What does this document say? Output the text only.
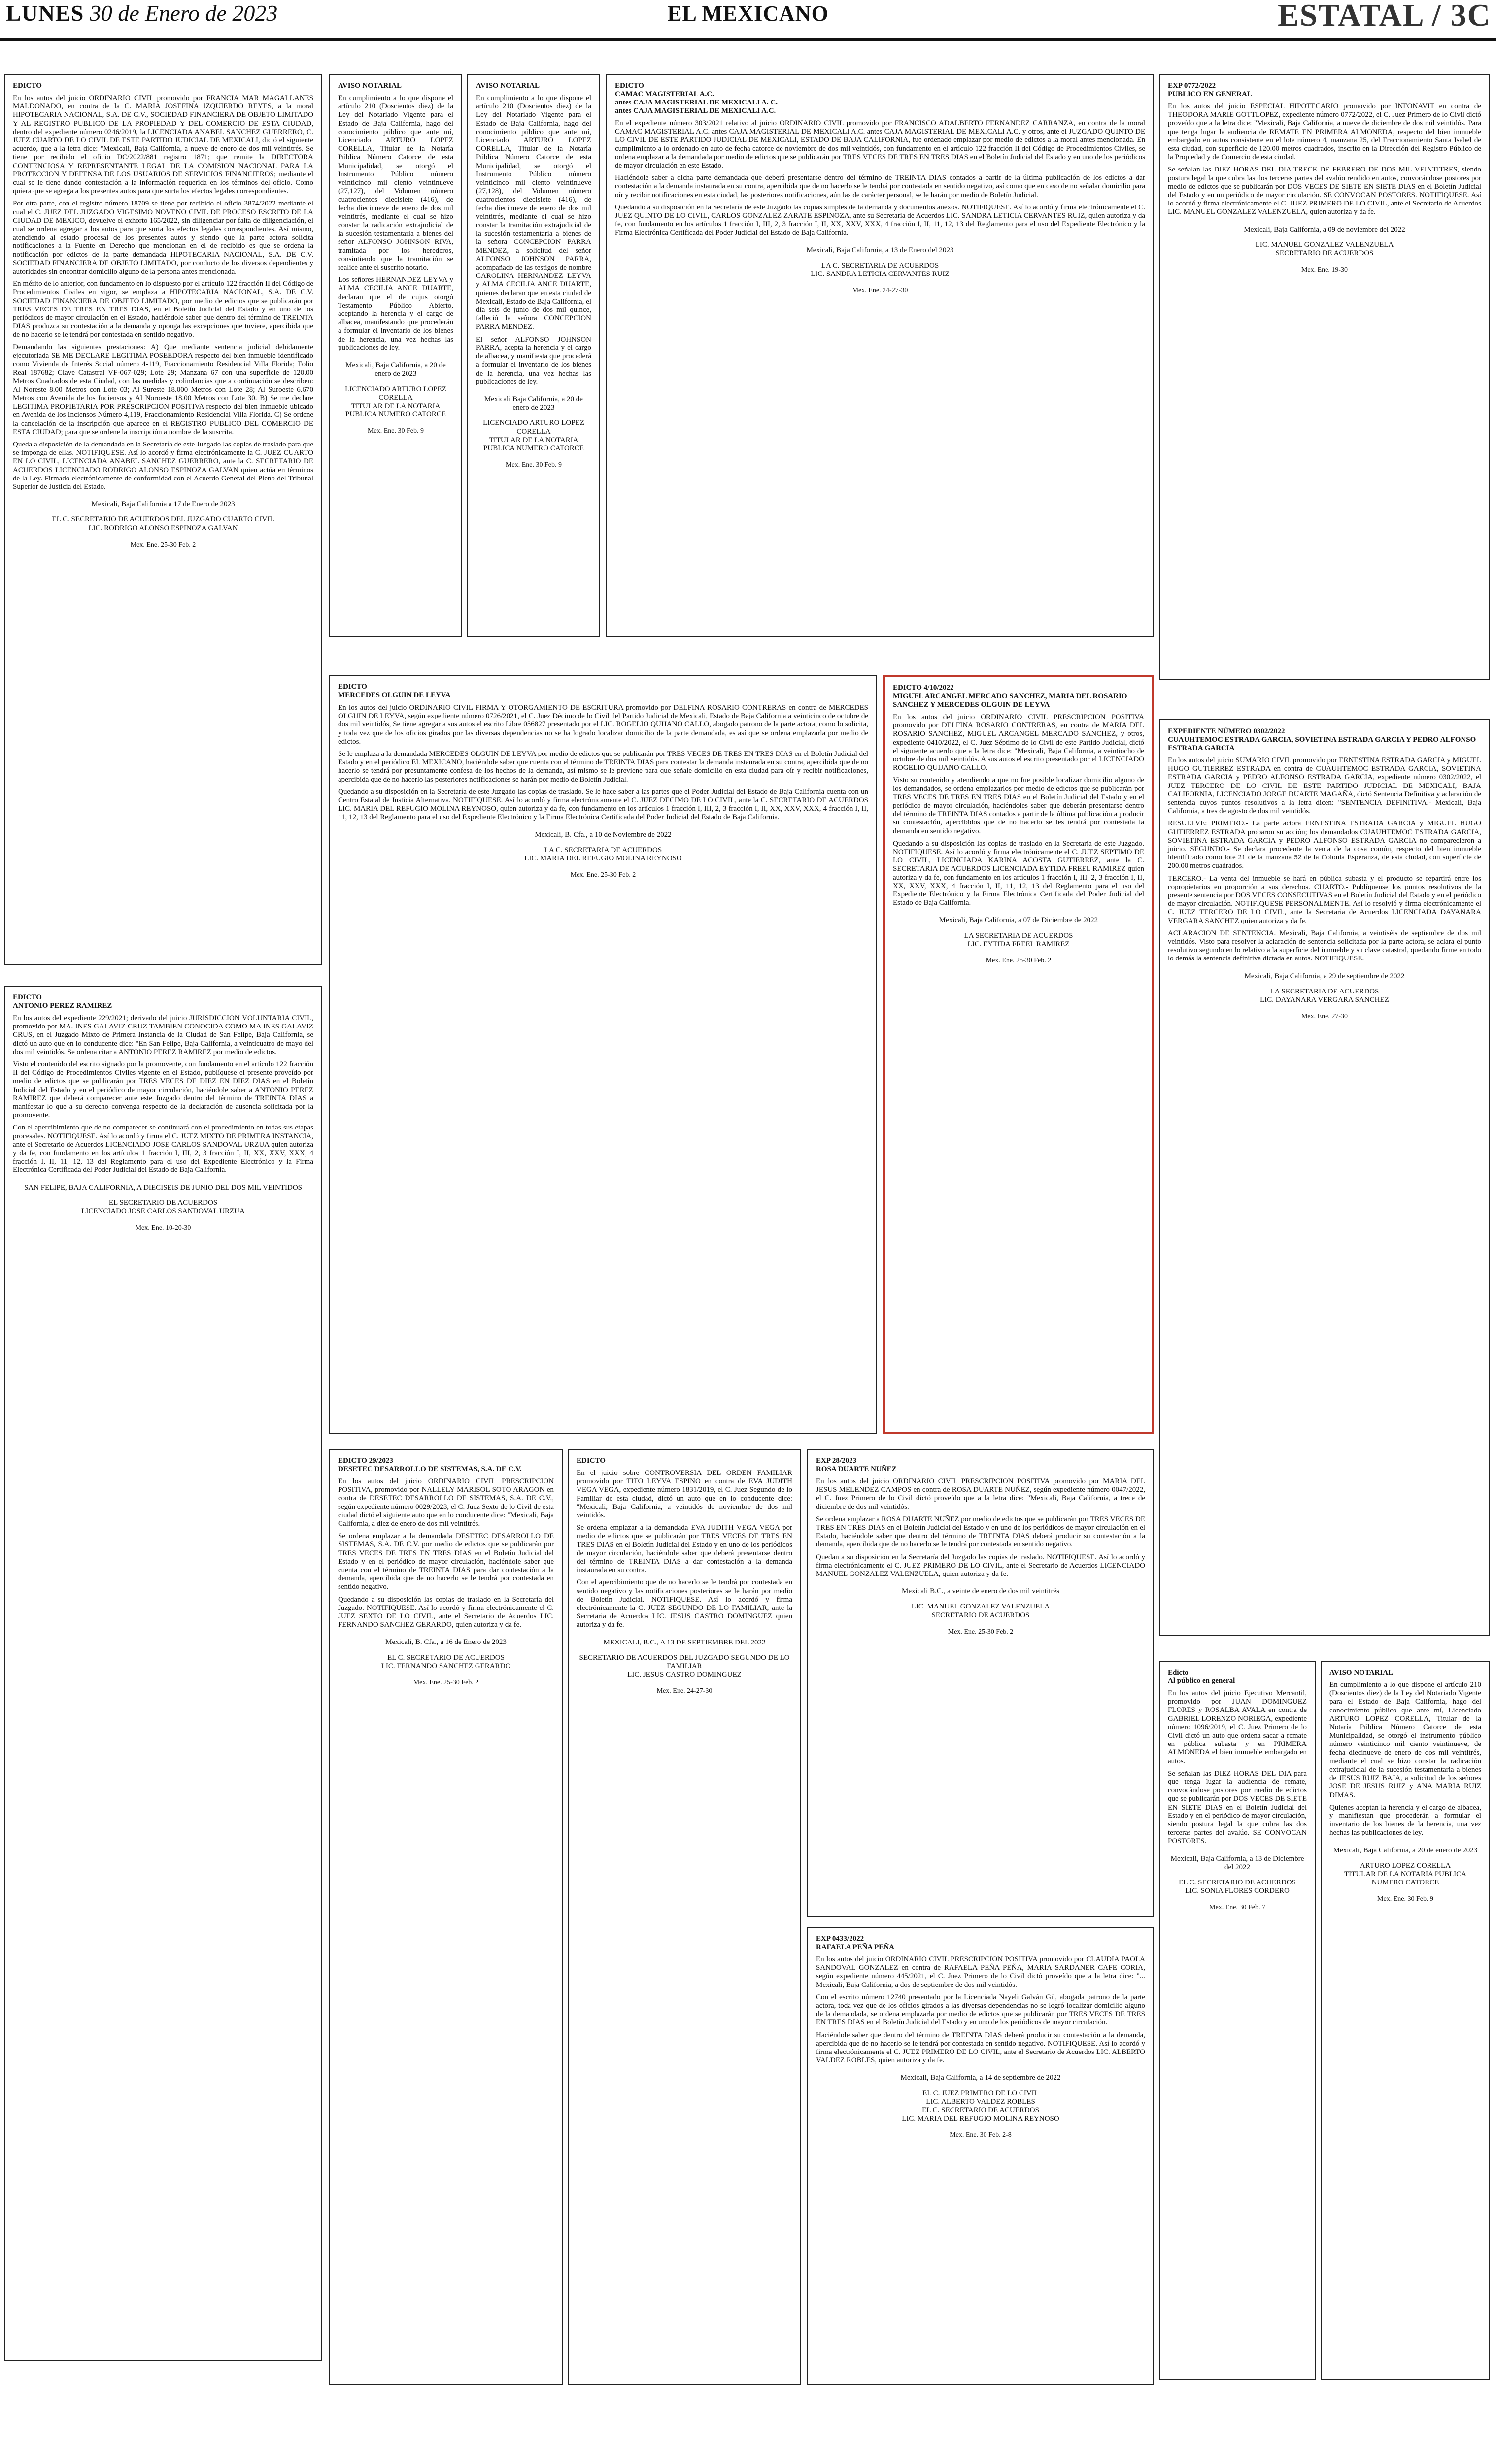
LUNES 30 de Enero de 2023	EL MEXICANO	ESTATAL / 3C
EDICTO

En los autos del juicio ORDINARIO CIVIL promovido por FRANCIA MAR MAGALLANES MALDONADO, en contra de la C. MARIA JOSEFINA IZQUIERDO REYES, a la moral HIPOTECARIA NACIONAL, S.A. DE C.V., SOCIEDAD FINANCIERA DE OBJETO LIMITADO Y AL REGISTRO PUBLICO DE LA PROPIEDAD Y DEL COMERCIO DE ESTA CIUDAD, dentro del expediente número 0246/2019, la LICENCIADA ANABEL SANCHEZ GUERRERO, C. JUEZ CUARTO DE LO CIVIL DE ESTE PARTIDO JUDICIAL DE MEXICALI, dictó el siguiente acuerdo, que a la letra dice: "Mexicali, Baja California, a nueve de enero de dos mil veintitrés. Se tiene por recibido el oficio DC/2022/881 registro 1871; que remite la DIRECTORA CONTENCIOSA Y REPRESENTANTE LEGAL DE LA COMISION NACIONAL PARA LA PROTECCION Y DEFENSA DE LOS USUARIOS DE SERVICIOS FINANCIEROS; mediante el cual se le tiene dando contestación a la información requerida en los términos del oficio. Como quiera que se agrega a los presentes autos para que surta los efectos legales correspondientes.

Por otra parte, con el registro número 18709 se tiene por recibido el oficio 3874/2022 mediante el cual el C. JUEZ DEL JUZGADO VIGESIMO NOVENO CIVIL DE PROCESO ESCRITO DE LA CIUDAD DE MEXICO, devuelve el exhorto 165/2022, sin diligenciar por falta de diligenciación, el cual se ordena agregar a los autos para que surta los efectos legales correspondientes. Así mismo, atendiendo al estado procesal de los presentes autos y siendo que la parte actora solicita notificaciones a la Fuente en Derecho que mencionan en el de recibido es que se ordena la notificación por edictos de la parte demandada HIPOTECARIA NACIONAL, S.A. DE C.V. SOCIEDAD FINANCIERA DE OBJETO LIMITADO, por conducto de los diversos dependientes y autoridades sin encontrar domicilio alguno de la persona antes mencionada.

En mérito de lo anterior, con fundamento en lo dispuesto por el artículo 122 fracción II del Código de Procedimientos Civiles en vigor, se emplaza a HIPOTECARIA NACIONAL, S.A. DE C.V. SOCIEDAD FINANCIERA DE OBJETO LIMITADO, por medio de edictos que se publicarán por TRES VECES DE TRES EN TRES DIAS, en el Boletín Judicial del Estado y en uno de los periódicos de mayor circulación en el Estado, haciéndole saber que dentro del término de TREINTA DIAS produzca su contestación a la demanda y oponga las excepciones que tuviere, apercibida que de no hacerlo se le tendrá por contestada en sentido negativo.

Demandando las siguientes prestaciones: A) Que mediante sentencia judicial debidamente ejecutoriada SE ME DECLARE LEGITIMA POSEEDORA respecto del bien inmueble identificado como Vivienda de Interés Social número 4-119, Fraccionamiento Residencial Villa Florida; Folio Real 187682; Clave Catastral VF-067-029; Lote 29; Manzana 67 con una superficie de 120.00 Metros Cuadrados de esta Ciudad, con las medidas y colindancias que a continuación se describen: Al Noreste 8.00 Metros con Lote 03; Al Sureste 18.000 Metros con Lote 28; Al Suroeste 6.670 Metros con Avenida de los Inciensos y Al Noroeste 18.00 Metros con Lote 30. B) Se me declare LEGITIMA PROPIETARIA POR PRESCRIPCION POSITIVA respecto del bien inmueble ubicado en Avenida de los Inciensos Número 4,119, Fraccionamiento Residencial Villa Florida. C) Se ordene la cancelación de la inscripción que aparece en el REGISTRO PUBLICO DEL COMERCIO DE ESTA CIUDAD; para que se ordene la inscripción a nombre de la suscrita.

Queda a disposición de la demandada en la Secretaría de este Juzgado las copias de traslado para que se imponga de ellas. NOTIFIQUESE. Así lo acordó y firma electrónicamente la C. JUEZ CUARTO EN LO CIVIL, LICENCIADA ANABEL SANCHEZ GUERRERO, ante la C. SECRETARIO DE ACUERDOS LICENCIADO RODRIGO ALONSO ESPINOZA GALVAN quien actúa en términos de la Ley. Firmado electrónicamente de conformidad con el Acuerdo General del Pleno del Tribunal Superior de Justicia del Estado.

Mexicali, Baja California a 17 de Enero de 2023
EL C. SECRETARIO DE ACUERDOS DEL JUZGADO CUARTO CIVIL
LIC. RODRIGO ALONSO ESPINOZA GALVAN
Mex. Ene. 25-30 Feb. 2
AVISO NOTARIAL

En cumplimiento a lo que dispone el artículo 210 (Doscientos diez) de la Ley del Notariado Vigente para el Estado de Baja California, hago del conocimiento público que ante mí, Licenciado ARTURO LOPEZ CORELLA, Titular de la Notaría Pública Número Catorce de esta Municipalidad, se otorgó el Instrumento Público número veinticinco mil ciento veintinueve (27,127), del Volumen número cuatrocientos diecisiete (416), de fecha diecinueve de enero de dos mil veintitrés, mediante el cual se hizo constar la radicación extrajudicial de la sucesión testamentaria a bienes del señor ALFONSO JOHNSON RIVA, tramitada por los herederos, consintiendo que la tramitación se realice ante el suscrito notario.

Los señores HERNANDEZ LEYVA y ALMA CECILIA ANCE DUARTE, declaran que el de cujus otorgó Testamento Público Abierto, aceptando la herencia y el cargo de albacea, manifestando que procederán a formular el inventario de los bienes de la herencia, una vez hechas las publicaciones de ley.

Mexicali, Baja California, a 20 de enero de 2023
LICENCIADO ARTURO LOPEZ CORELLA
TITULAR DE LA NOTARIA PUBLICA NUMERO CATORCE
Mex. Ene. 30 Feb. 9
AVISO NOTARIAL

En cumplimiento a lo que dispone el artículo 210 (Doscientos diez) de la Ley del Notariado Vigente para el Estado de Baja California, hago del conocimiento público que ante mí, Licenciado ARTURO LOPEZ CORELLA, Titular de la Notaría Pública Número Catorce de esta Municipalidad, se otorgó el Instrumento Público número veinticinco mil ciento veintinueve (27,128), del Volumen número cuatrocientos diecisiete (416), de fecha diecinueve de enero de dos mil veintitrés, mediante el cual se hizo constar la tramitación extrajudicial de la sucesión testamentaria a bienes de la señora CONCEPCION PARRA MENDEZ, a solicitud del señor ALFONSO JOHNSON PARRA, acompañado de las testigos de nombre CAROLINA HERNANDEZ LEYVA y ALMA CECILIA ANCE DUARTE, quienes declaran que en esta ciudad de Mexicali, Estado de Baja California, el día seis de junio de dos mil quince, falleció la señora CONCEPCION PARRA MENDEZ.

El señor ALFONSO JOHNSON PARRA, acepta la herencia y el cargo de albacea, y manifiesta que procederá a formular el inventario de los bienes de la herencia, una vez hechas las publicaciones de ley.

Mexicali Baja California, a 20 de enero de 2023
LICENCIADO ARTURO LOPEZ CORELLA
TITULAR DE LA NOTARIA PUBLICA NUMERO CATORCE
Mex. Ene. 30 Feb. 9
EDICTO
CAMAC MAGISTERIAL A.C.
antes CAJA MAGISTERIAL DE MEXICALI A. C.
antes CAJA MAGISTERIAL DE MEXICALI A.C.

En el expediente número 303/2021 relativo al juicio ORDINARIO CIVIL promovido por FRANCISCO ADALBERTO FERNANDEZ CARRANZA, en contra de la moral CAMAC MAGISTERIAL A.C. antes CAJA MAGISTERIAL DE MEXICALI A.C. antes CAJA MAGISTERIAL DE MEXICALI A.C. y otros, ante el JUZGADO QUINTO DE LO CIVIL DE ESTE PARTIDO JUDICIAL DE MEXICALI, ESTADO DE BAJA CALIFORNIA, fue ordenado emplazar por medio de edictos a la moral antes mencionada. En cumplimiento a lo ordenado en auto de fecha catorce de noviembre de dos mil veintidós, con fundamento en el artículo 122 fracción II del Código de Procedimientos Civiles, se ordena emplazar a la demandada por medio de edictos que se publicarán por TRES VECES DE TRES EN TRES DIAS en el Boletín Judicial del Estado y en uno de los periódicos de mayor circulación en este Estado.

Haciéndole saber a dicha parte demandada que deberá presentarse dentro del término de TREINTA DIAS contados a partir de la última publicación de los edictos a dar contestación a la demanda instaurada en su contra, apercibida que de no hacerlo se le tendrá por contestada en sentido negativo, así como que en caso de no señalar domicilio para oír y recibir notificaciones en esta ciudad, las posteriores notificaciones, aún las de carácter personal, se le harán por medio de Boletín Judicial.

Quedando a su disposición en la Secretaría de este Juzgado las copias simples de la demanda y documentos anexos. NOTIFIQUESE. Así lo acordó y firma electrónicamente el C. JUEZ QUINTO DE LO CIVIL, CARLOS GONZALEZ ZARATE ESPINOZA, ante su Secretaria de Acuerdos LIC. SANDRA LETICIA CERVANTES RUIZ, quien autoriza y da fe, con fundamento en los artículos 1 fracción I, III, 2, 3 fracción I, II, XX, XXV, XXX, 4 fracción I, II, 11, 12, 13 del Reglamento para el uso del Expediente Electrónico y la Firma Electrónica Certificada del Poder Judicial del Estado de Baja California.

Mexicali, Baja California, a 13 de Enero del 2023
LA C. SECRETARIA DE ACUERDOS
LIC. SANDRA LETICIA CERVANTES RUIZ
Mex. Ene. 24-27-30
EXP 0772/2022
PUBLICO EN GENERAL

En los autos del juicio ESPECIAL HIPOTECARIO promovido por INFONAVIT en contra de THEODORA MARIE GOTTLOPEZ, expediente número 0772/2022, el C. Juez Primero de lo Civil dictó proveído que a la letra dice: "Mexicali, Baja California, a nueve de diciembre de dos mil veintidós. Para que tenga lugar la audiencia de REMATE EN PRIMERA ALMONEDA, respecto del bien inmueble embargado en autos consistente en el lote número 4, manzana 25, del Fraccionamiento Santa Isabel de esta ciudad, con superficie de 120.00 metros cuadrados, inscrito en la Dirección del Registro Público de la Propiedad y de Comercio de esta ciudad.

Se señalan las DIEZ HORAS DEL DIA TRECE DE FEBRERO DE DOS MIL VEINTITRES, siendo postura legal la que cubra las dos terceras partes del avalúo rendido en autos, convocándose postores por medio de edictos que se publicarán por DOS VECES DE SIETE EN SIETE DIAS en el Boletín Judicial del Estado y en un periódico de mayor circulación. SE CONVOCAN POSTORES. NOTIFIQUESE. Así lo acordó y firma electrónicamente el C. JUEZ PRIMERO DE LO CIVIL, ante el Secretario de Acuerdos LIC. MANUEL GONZALEZ VALENZUELA, quien autoriza y da fe.

Mexicali, Baja California, a 09 de noviembre del 2022
LIC. MANUEL GONZALEZ VALENZUELA
SECRETARIO DE ACUERDOS
Mex. Ene. 19-30
EDICTO
MERCEDES OLGUIN DE LEYVA

En los autos del juicio ORDINARIO CIVIL FIRMA Y OTORGAMIENTO DE ESCRITURA promovido por DELFINA ROSARIO CONTRERAS en contra de MERCEDES OLGUIN DE LEYVA, según expediente número 0726/2021, el C. Juez Décimo de lo Civil del Partido Judicial de Mexicali, Estado de Baja California a veinticinco de octubre de dos mil veintidós, Se tiene agregar a sus autos el escrito Libre 056827 presentado por el LIC. ROGELIO QUIJANO CALLO, abogado patrono de la parte actora, como lo solicita, y toda vez que de los oficios girados por las diversas dependencias no se ha logrado localizar domicilio de la parte demandada, es así que se ordena emplazarla por medio de edictos.

Se le emplaza a la demandada MERCEDES OLGUIN DE LEYVA por medio de edictos que se publicarán por TRES VECES DE TRES EN TRES DIAS en el Boletín Judicial del Estado y en el periódico EL MEXICANO, haciéndole saber que cuenta con el término de TREINTA DIAS para contestar la demanda instaurada en su contra, apercibida que de no hacerlo se tendrá por presuntamente confesa de los hechos de la demanda, así mismo se le previene para que señale domicilio en esta ciudad para oír y recibir notificaciones, apercibida que de no hacerlo las posteriores notificaciones se harán por medio de Boletín Judicial.

Quedando a su disposición en la Secretaría de este Juzgado las copias de traslado. Se le hace saber a las partes que el Poder Judicial del Estado de Baja California cuenta con un Centro Estatal de Justicia Alternativa. NOTIFIQUESE. Así lo acordó y firma electrónicamente el C. JUEZ DECIMO DE LO CIVIL, ante la C. SECRETARIO DE ACUERDOS LIC. MARIA DEL REFUGIO MOLINA REYNOSO, quien autoriza y da fe, con fundamento en los artículos 1 fracción I, III, 2, 3 fracción I, II, XX, XXV, XXX, 4 fracción I, II, 11, 12, 13 del Reglamento para el uso del Expediente Electrónico y la Firma Electrónica Certificada del Poder Judicial del Estado de Baja California.

Mexicali, B. Cfa., a 10 de Noviembre de 2022
LA C. SECRETARIA DE ACUERDOS
LIC. MARIA DEL REFUGIO MOLINA REYNOSO
Mex. Ene. 25-30 Feb. 2
EDICTO 4/10/2022
MIGUEL ARCANGEL MERCADO SANCHEZ, MARIA DEL ROSARIO SANCHEZ Y MERCEDES OLGUIN DE LEYVA

En los autos del juicio ORDINARIO CIVIL PRESCRIPCION POSITIVA promovido por DELFINA ROSARIO CONTRERAS, en contra de MARIA DEL ROSARIO SANCHEZ, MIGUEL ARCANGEL MERCADO SANCHEZ, y otros, expediente 0410/2022, el C. Juez Séptimo de lo Civil de este Partido Judicial, dictó el siguiente acuerdo que a la letra dice: "Mexicali, Baja California, a veintiocho de octubre de dos mil veintidós. A sus autos el escrito presentado por el LICENCIADO ROGELIO QUIJANO CALLO.

Visto su contenido y atendiendo a que no fue posible localizar domicilio alguno de los demandados, se ordena emplazarlos por medio de edictos que se publicarán por TRES VECES DE TRES EN TRES DIAS en el Boletín Judicial del Estado y en el periódico de mayor circulación, haciéndoles saber que deberán presentarse dentro del término de TREINTA DIAS contados a partir de la última publicación a producir su contestación, apercibidos que de no hacerlo se les tendrá por contestada la demanda en sentido negativo.

Quedando a su disposición las copias de traslado en la Secretaría de este Juzgado. NOTIFIQUESE. Así lo acordó y firma electrónicamente el C. JUEZ SEPTIMO DE LO CIVIL, LICENCIADA KARINA ACOSTA GUTIERREZ, ante la C. SECRETARIA DE ACUERDOS LICENCIADA EYTIDA FREEL RAMIREZ quien autoriza y da fe, con fundamento en los artículos 1 fracción I, III, 2, 3 fracción I, II, XX, XXV, XXX, 4 fracción I, II, 11, 12, 13 del Reglamento para el uso del Expediente Electrónico y la Firma Electrónica Certificada del Poder Judicial del Estado de Baja California.

Mexicali, Baja California, a 07 de Diciembre de 2022
LA SECRETARIA DE ACUERDOS
LIC. EYTIDA FREEL RAMIREZ
Mex. Ene. 25-30 Feb. 2
EXPEDIENTE NÚMERO 0302/2022
CUAUHTEMOC ESTRADA GARCIA, SOVIETINA ESTRADA GARCIA Y PEDRO ALFONSO ESTRADA GARCIA

En los autos del juicio SUMARIO CIVIL promovido por ERNESTINA ESTRADA GARCIA y MIGUEL HUGO GUTIERREZ ESTRADA en contra de CUAUHTEMOC ESTRADA GARCIA, SOVIETINA ESTRADA GARCIA y PEDRO ALFONSO ESTRADA GARCIA, expediente número 0302/2022, el JUEZ TERCERO DE LO CIVIL DE ESTE PARTIDO JUDICIAL DE MEXICALI, BAJA CALIFORNIA, LICENCIADO JORGE DUARTE MAGAÑA, dictó Sentencia Definitiva y aclaración de sentencia cuyos puntos resolutivos a la letra dicen: "SENTENCIA DEFINITIVA.- Mexicali, Baja California, a tres de agosto de dos mil veintidós.

RESUELVE: PRIMERO.- La parte actora ERNESTINA ESTRADA GARCIA y MIGUEL HUGO GUTIERREZ ESTRADA probaron su acción; los demandados CUAUHTEMOC ESTRADA GARCIA, SOVIETINA ESTRADA GARCIA y PEDRO ALFONSO ESTRADA GARCIA no comparecieron a juicio. SEGUNDO.- Se declara procedente la venta de la cosa común, respecto del bien inmueble identificado como lote 21 de la manzana 52 de la Colonia Esperanza, de esta ciudad, con superficie de 200.00 metros cuadrados.

TERCERO.- La venta del inmueble se hará en pública subasta y el producto se repartirá entre los copropietarios en proporción a sus derechos. CUARTO.- Publíquense los puntos resolutivos de la presente sentencia por DOS VECES CONSECUTIVAS en el Boletín Judicial del Estado y en el periódico de mayor circulación. NOTIFIQUESE PERSONALMENTE. Así lo resolvió y firma electrónicamente el C. JUEZ TERCERO DE LO CIVIL, ante la Secretaria de Acuerdos LICENCIADA DAYANARA VERGARA SANCHEZ quien autoriza y da fe.

ACLARACION DE SENTENCIA. Mexicali, Baja California, a veintiséis de septiembre de dos mil veintidós. Visto para resolver la aclaración de sentencia solicitada por la parte actora, se aclara el punto resolutivo segundo en lo relativo a la superficie del inmueble y su clave catastral, quedando firme en todo lo demás la sentencia definitiva dictada en autos. NOTIFIQUESE.

Mexicali, Baja California, a 29 de septiembre de 2022
LA SECRETARIA DE ACUERDOS
LIC. DAYANARA VERGARA SANCHEZ
Mex. Ene. 27-30
EDICTO
ANTONIO PEREZ RAMIREZ

En los autos del expediente 229/2021; derivado del juicio JURISDICCION VOLUNTARIA CIVIL, promovido por MA. INES GALAVIZ CRUZ TAMBIEN CONOCIDA COMO MA INES GALAVIZ CRUS, en el Juzgado Mixto de Primera Instancia de la Ciudad de San Felipe, Baja California, se dictó un auto que en lo conducente dice: "En San Felipe, Baja California, a veinticuatro de mayo del dos mil veintidós. Se ordena citar a ANTONIO PEREZ RAMIREZ por medio de edictos.

Visto el contenido del escrito signado por la promovente, con fundamento en el artículo 122 fracción II del Código de Procedimientos Civiles vigente en el Estado, publíquese el presente proveído por medio de edictos que se publicarán por TRES VECES DE DIEZ EN DIEZ DIAS en el Boletín Judicial del Estado y en el periódico de mayor circulación, haciéndole saber a ANTONIO PEREZ RAMIREZ que deberá comparecer ante este Juzgado dentro del término de TREINTA DIAS a manifestar lo que a su derecho convenga respecto de la declaración de ausencia solicitada por la promovente.

Con el apercibimiento que de no comparecer se continuará con el procedimiento en todas sus etapas procesales. NOTIFIQUESE. Así lo acordó y firma el C. JUEZ MIXTO DE PRIMERA INSTANCIA, ante el Secretario de Acuerdos LICENCIADO JOSE CARLOS SANDOVAL URZUA quien autoriza y da fe, con fundamento en los artículos 1 fracción I, III, 2, 3 fracción I, II, XX, XXV, XXX, 4 fracción I, II, 11, 12, 13 del Reglamento para el uso del Expediente Electrónico y la Firma Electrónica Certificada del Poder Judicial del Estado de Baja California.

SAN FELIPE, BAJA CALIFORNIA, A DIECISEIS DE JUNIO DEL DOS MIL VEINTIDOS
EL SECRETARIO DE ACUERDOS
LICENCIADO JOSE CARLOS SANDOVAL URZUA
Mex. Ene. 10-20-30
EDICTO 29/2023
DESETEC DESARROLLO DE SISTEMAS, S.A. DE C.V.

En los autos del juicio ORDINARIO CIVIL PRESCRIPCION POSITIVA, promovido por NALLELY MARISOL SOTO ARAGON en contra de DESETEC DESARROLLO DE SISTEMAS, S.A. DE C.V., según expediente número 0029/2023, el C. Juez Sexto de lo Civil de esta ciudad dictó el siguiente auto que en lo conducente dice: "Mexicali, Baja California, a diez de enero de dos mil veintitrés.

Se ordena emplazar a la demandada DESETEC DESARROLLO DE SISTEMAS, S.A. DE C.V. por medio de edictos que se publicarán por TRES VECES DE TRES EN TRES DIAS en el Boletín Judicial del Estado y en el periódico de mayor circulación, haciéndole saber que cuenta con el término de TREINTA DIAS para dar contestación a la demanda, apercibida que de no hacerlo se le tendrá por contestada en sentido negativo.

Quedando a su disposición las copias de traslado en la Secretaría del Juzgado. NOTIFIQUESE. Así lo acordó y firma electrónicamente el C. JUEZ SEXTO DE LO CIVIL, ante el Secretario de Acuerdos LIC. FERNANDO SANCHEZ GERARDO, quien autoriza y da fe.

Mexicali, B. Cfa., a 16 de Enero de 2023
EL C. SECRETARIO DE ACUERDOS
LIC. FERNANDO SANCHEZ GERARDO
Mex. Ene. 25-30 Feb. 2
EDICTO

En el juicio sobre CONTROVERSIA DEL ORDEN FAMILIAR promovido por TITO LEYVA ESPINO en contra de EVA JUDITH VEGA VEGA, expediente número 1831/2019, el C. Juez Segundo de lo Familiar de esta ciudad, dictó un auto que en lo conducente dice: "Mexicali, Baja California, a veintidós de noviembre de dos mil veintidós.

Se ordena emplazar a la demandada EVA JUDITH VEGA VEGA por medio de edictos que se publicarán por TRES VECES DE TRES EN TRES DIAS en el Boletín Judicial del Estado y en uno de los periódicos de mayor circulación, haciéndole saber que deberá presentarse dentro del término de TREINTA DIAS a dar contestación a la demanda instaurada en su contra.

Con el apercibimiento que de no hacerlo se le tendrá por contestada en sentido negativo y las notificaciones posteriores se le harán por medio de Boletín Judicial. NOTIFIQUESE. Así lo acordó y firma electrónicamente la C. JUEZ SEGUNDO DE LO FAMILIAR, ante la Secretaria de Acuerdos LIC. JESUS CASTRO DOMINGUEZ quien autoriza y da fe.

MEXICALI, B.C., A 13 DE SEPTIEMBRE DEL 2022
SECRETARIO DE ACUERDOS DEL JUZGADO SEGUNDO DE LO FAMILIAR
LIC. JESUS CASTRO DOMINGUEZ
Mex. Ene. 24-27-30
EXP 28/2023
ROSA DUARTE NUÑEZ

En los autos del juicio ORDINARIO CIVIL PRESCRIPCION POSITIVA promovido por MARIA DEL JESUS MELENDEZ CAMPOS en contra de ROSA DUARTE NUÑEZ, según expediente número 0047/2022, el C. Juez Primero de lo Civil dictó proveído que a la letra dice: "Mexicali, Baja California, a trece de diciembre de dos mil veintidós.

Se ordena emplazar a ROSA DUARTE NUÑEZ por medio de edictos que se publicarán por TRES VECES DE TRES EN TRES DIAS en el Boletín Judicial del Estado y en uno de los periódicos de mayor circulación en el Estado, haciéndole saber que dentro del término de TREINTA DIAS deberá producir su contestación a la demanda, apercibida que de no hacerlo se le tendrá por contestada en sentido negativo.

Quedan a su disposición en la Secretaría del Juzgado las copias de traslado. NOTIFIQUESE. Así lo acordó y firma electrónicamente el C. JUEZ PRIMERO DE LO CIVIL, ante el Secretario de Acuerdos LICENCIADO MANUEL GONZALEZ VALENZUELA, quien autoriza y da fe.

Mexicali B.C., a veinte de enero de dos mil veintitrés
LIC. MANUEL GONZALEZ VALENZUELA
SECRETARIO DE ACUERDOS
Mex. Ene. 25-30 Feb. 2
Edicto
Al público en general

En los autos del juicio Ejecutivo Mercantil, promovido por JUAN DOMINGUEZ FLORES y ROSALBA AVALA en contra de GABRIEL LORENZO NORIEGA, expediente número 1096/2019, el C. Juez Primero de lo Civil dictó un auto que ordena sacar a remate en pública subasta y en PRIMERA ALMONEDA el bien inmueble embargado en autos.

Se señalan las DIEZ HORAS DEL DIA para que tenga lugar la audiencia de remate, convocándose postores por medio de edictos que se publicarán por DOS VECES DE SIETE EN SIETE DIAS en el Boletín Judicial del Estado y en el periódico de mayor circulación, siendo postura legal la que cubra las dos terceras partes del avalúo. SE CONVOCAN POSTORES.

Mexicali, Baja California, a 13 de Diciembre del 2022
EL C. SECRETARIO DE ACUERDOS
LIC. SONIA FLORES CORDERO
Mex. Ene. 30 Feb. 7
AVISO NOTARIAL

En cumplimiento a lo que dispone el artículo 210 (Doscientos diez) de la Ley del Notariado Vigente para el Estado de Baja California, hago del conocimiento público que ante mí, Licenciado ARTURO LOPEZ CORELLA, Titular de la Notaría Pública Número Catorce de esta Municipalidad, se otorgó el instrumento público número veinticinco mil ciento veintinueve, de fecha diecinueve de enero de dos mil veintitrés, mediante el cual se hizo constar la radicación extrajudicial de la sucesión testamentaria a bienes de JESUS RUIZ BAJA, a solicitud de los señores JOSE DE JESUS RUIZ y ANA MARIA RUIZ DIMAS.

Quienes aceptan la herencia y el cargo de albacea, y manifiestan que procederán a formular el inventario de los bienes de la herencia, una vez hechas las publicaciones de ley.

Mexicali, Baja California, a 20 de enero de 2023
ARTURO LOPEZ CORELLA
TITULAR DE LA NOTARIA PUBLICA NUMERO CATORCE
Mex. Ene. 30 Feb. 9
EXP 0433/2022
RAFAELA PEÑA PEÑA

En los autos del juicio ORDINARIO CIVIL PRESCRIPCION POSITIVA promovido por CLAUDIA PAOLA SANDOVAL GONZALEZ en contra de RAFAELA PEÑA PEÑA, MARIA SARDANER CAFE CORIA, según expediente número 445/2021, el C. Juez Primero de lo Civil dictó proveído que a la letra dice: "... Mexicali, Baja California, a dos de septiembre de dos mil veintidós.

Con el escrito número 12740 presentado por la Licenciada Nayeli Galván Gil, abogada patrono de la parte actora, toda vez que de los oficios girados a las diversas dependencias no se logró localizar domicilio alguno de la demandada, se ordena emplazarla por medio de edictos que se publicarán por TRES VECES DE TRES EN TRES DIAS en el Boletín Judicial del Estado y en uno de los periódicos de mayor circulación.

Haciéndole saber que dentro del término de TREINTA DIAS deberá producir su contestación a la demanda, apercibida que de no hacerlo se le tendrá por contestada en sentido negativo. NOTIFIQUESE. Así lo acordó y firma electrónicamente el C. JUEZ PRIMERO DE LO CIVIL, ante el Secretario de Acuerdos LIC. ALBERTO VALDEZ ROBLES, quien autoriza y da fe.

Mexicali, Baja California, a 14 de septiembre de 2022
EL C. JUEZ PRIMERO DE LO CIVIL
LIC. ALBERTO VALDEZ ROBLES
EL C. SECRETARIO DE ACUERDOS
LIC. MARIA DEL REFUGIO MOLINA REYNOSO
Mex. Ene. 30 Feb. 2-8
